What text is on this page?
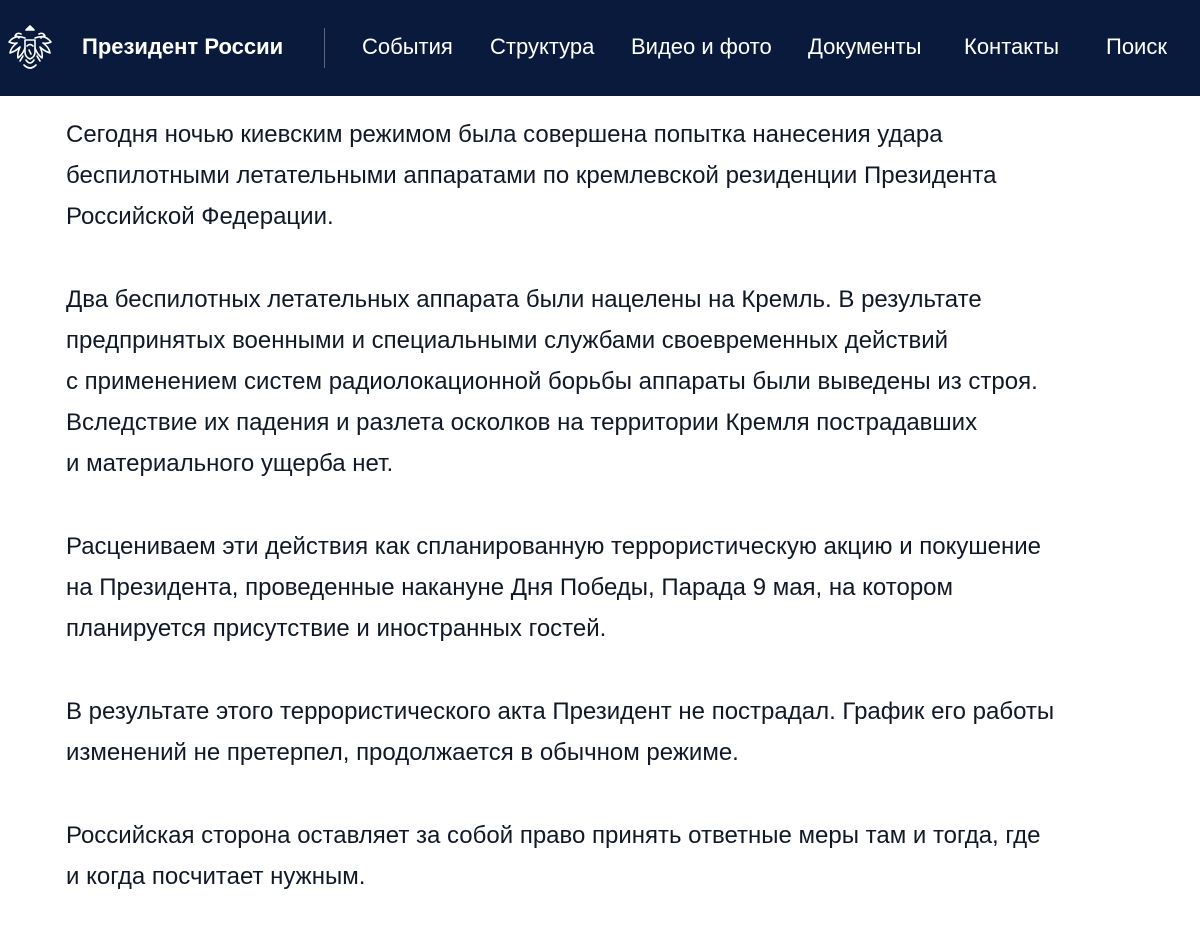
Президент России	События Структура Видео и фото Документы Контакты Поиск

Сегодня ночью киевским режимом была совершена попытка нанесения удара
беспилотными летательными аппаратами по кремлевской резиденции Президента
Российской Федерации.

Два беспилотных летательных аппарата были нацелены на Кремль. В результате
предпринятых военными и специальными службами своевременных действий
с применением систем радиолокационной борьбы аппараты были выведены из строя.
Вследствие их падения и разлета осколков на территории Кремля пострадавших
и материального ущерба нет.

Расцениваем эти действия как спланированную террористическую акцию и покушение
на Президента, проведенные накануне Дня Победы, Парада 9 мая, на котором
планируется присутствие и иностранных гостей.

В результате этого террористического акта Президент не пострадал. График его работы
изменений не претерпел, продолжается в обычном режиме.

Российская сторона оставляет за собой право принять ответные меры там и тогда, где
и когда посчитает нужным.
